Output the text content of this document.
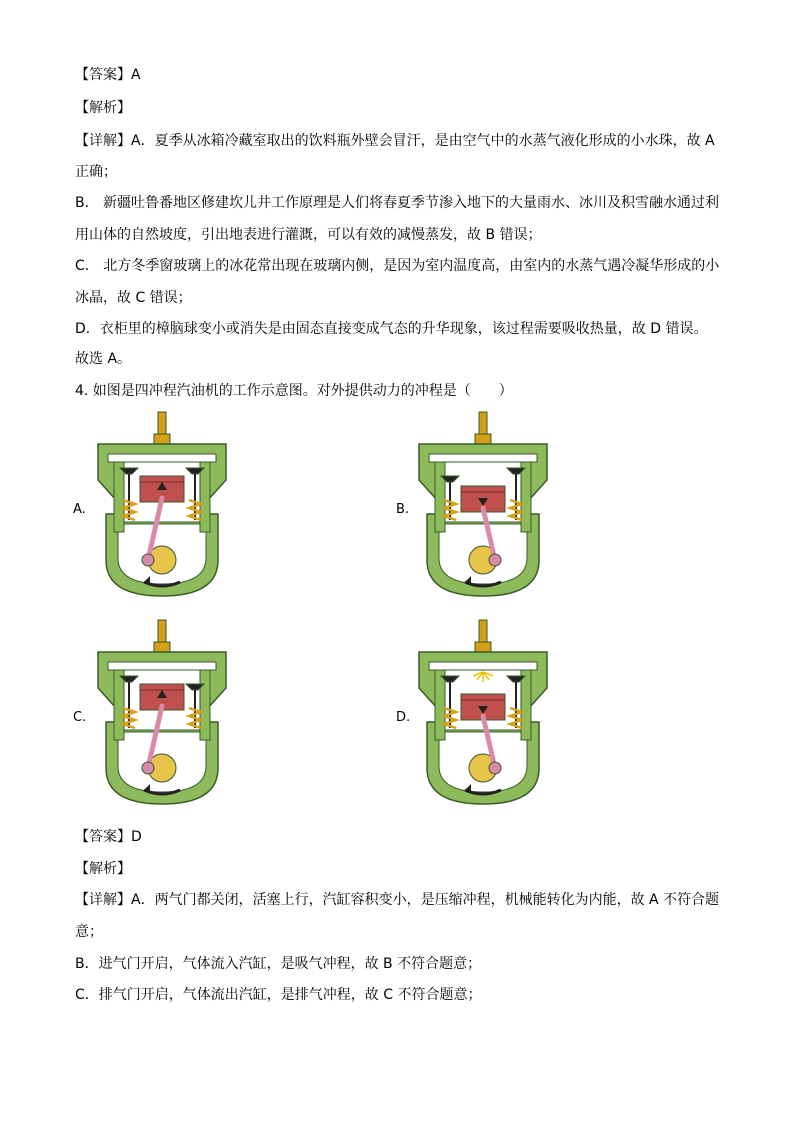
【答案】A
【解析】
【详解】A．夏季从冰箱冷藏室取出的饮料瓶外壁会冒汗，是由空气中的水蒸气液化形成的小水珠，故 A
正确；
B． 新疆吐鲁番地区修建坎儿井工作原理是人们将春夏季节渗入地下的大量雨水、冰川及积雪融水通过利
用山体的自然坡度，引出地表进行灌溉，可以有效的减慢蒸发，故 B 错误；
C． 北方冬季窗玻璃上的冰花常出现在玻璃内侧，是因为室内温度高，由室内的水蒸气遇冷凝华形成的小
冰晶，故 C 错误；
D．衣柜里的樟脑球变小或消失是由固态直接变成气态的升华现象，该过程需要吸收热量，故 D 错误。
故选 A。
4. 如图是四冲程汽油机的工作示意图。对外提供动力的冲程是（　　）
A.	B.
C.	D.
【答案】D
【解析】
【详解】A．两气门都关闭，活塞上行，汽缸容积变小，是压缩冲程，机械能转化为内能，故 A 不符合题
意；
B．进气门开启，气体流入汽缸，是吸气冲程，故 B 不符合题意；
C．排气门开启，气体流出汽缸，是排气冲程，故 C 不符合题意；
